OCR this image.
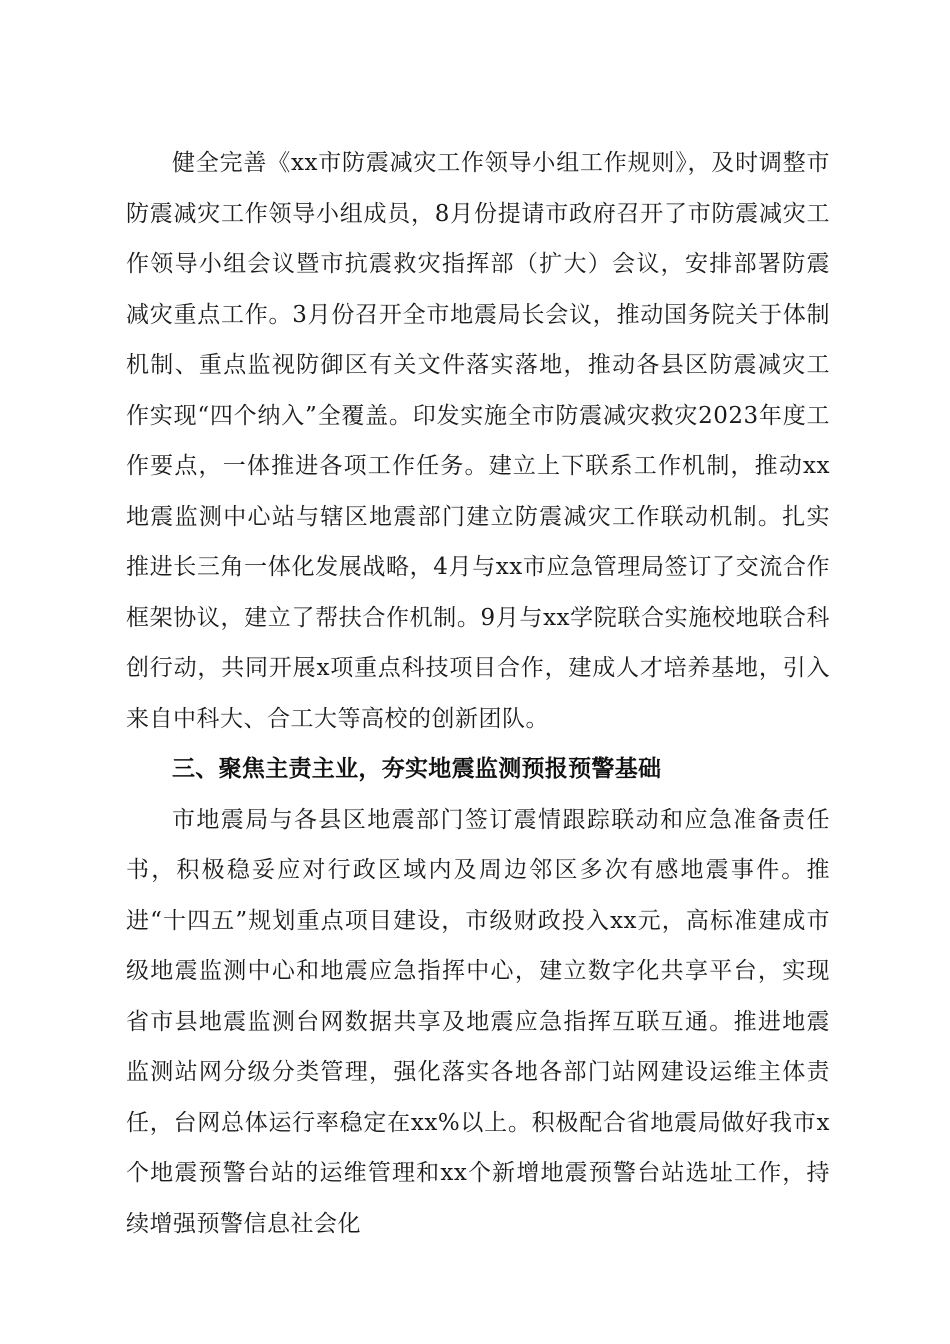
健全完善《xx市防震减灾工作领导小组工作规则》，及时调整市防震减灾工作领导小组成员，8月份提请市政府召开了市防震减灾工作领导小组会议暨市抗震救灾指挥部（扩大）会议，安排部署防震减灾重点工作。3月份召开全市地震局长会议，推动国务院关于体制机制、重点监视防御区有关文件落实落地，推动各县区防震减灾工作实现“四个纳入”全覆盖。印发实施全市防震减灾救灾2023年度工作要点，一体推进各项工作任务。建立上下联系工作机制，推动xx地震监测中心站与辖区地震部门建立防震减灾工作联动机制。扎实推进长三角一体化发展战略，4月与xx市应急管理局签订了交流合作框架协议，建立了帮扶合作机制。9月与xx学院联合实施校地联合科创行动，共同开展x项重点科技项目合作，建成人才培养基地，引入来自中科大、合工大等高校的创新团队。

三、聚焦主责主业，夯实地震监测预报预警基础

市地震局与各县区地震部门签订震情跟踪联动和应急准备责任书，积极稳妥应对行政区域内及周边邻区多次有感地震事件。推进“十四五”规划重点项目建设，市级财政投入xx元，高标准建成市级地震监测中心和地震应急指挥中心，建立数字化共享平台，实现省市县地震监测台网数据共享及地震应急指挥互联互通。推进地震监测站网分级分类管理，强化落实各地各部门站网建设运维主体责任，台网总体运行率稳定在xx%以上。积极配合省地震局做好我市x个地震预警台站的运维管理和xx个新增地震预警台站选址工作，持续增强预警信息社会化
